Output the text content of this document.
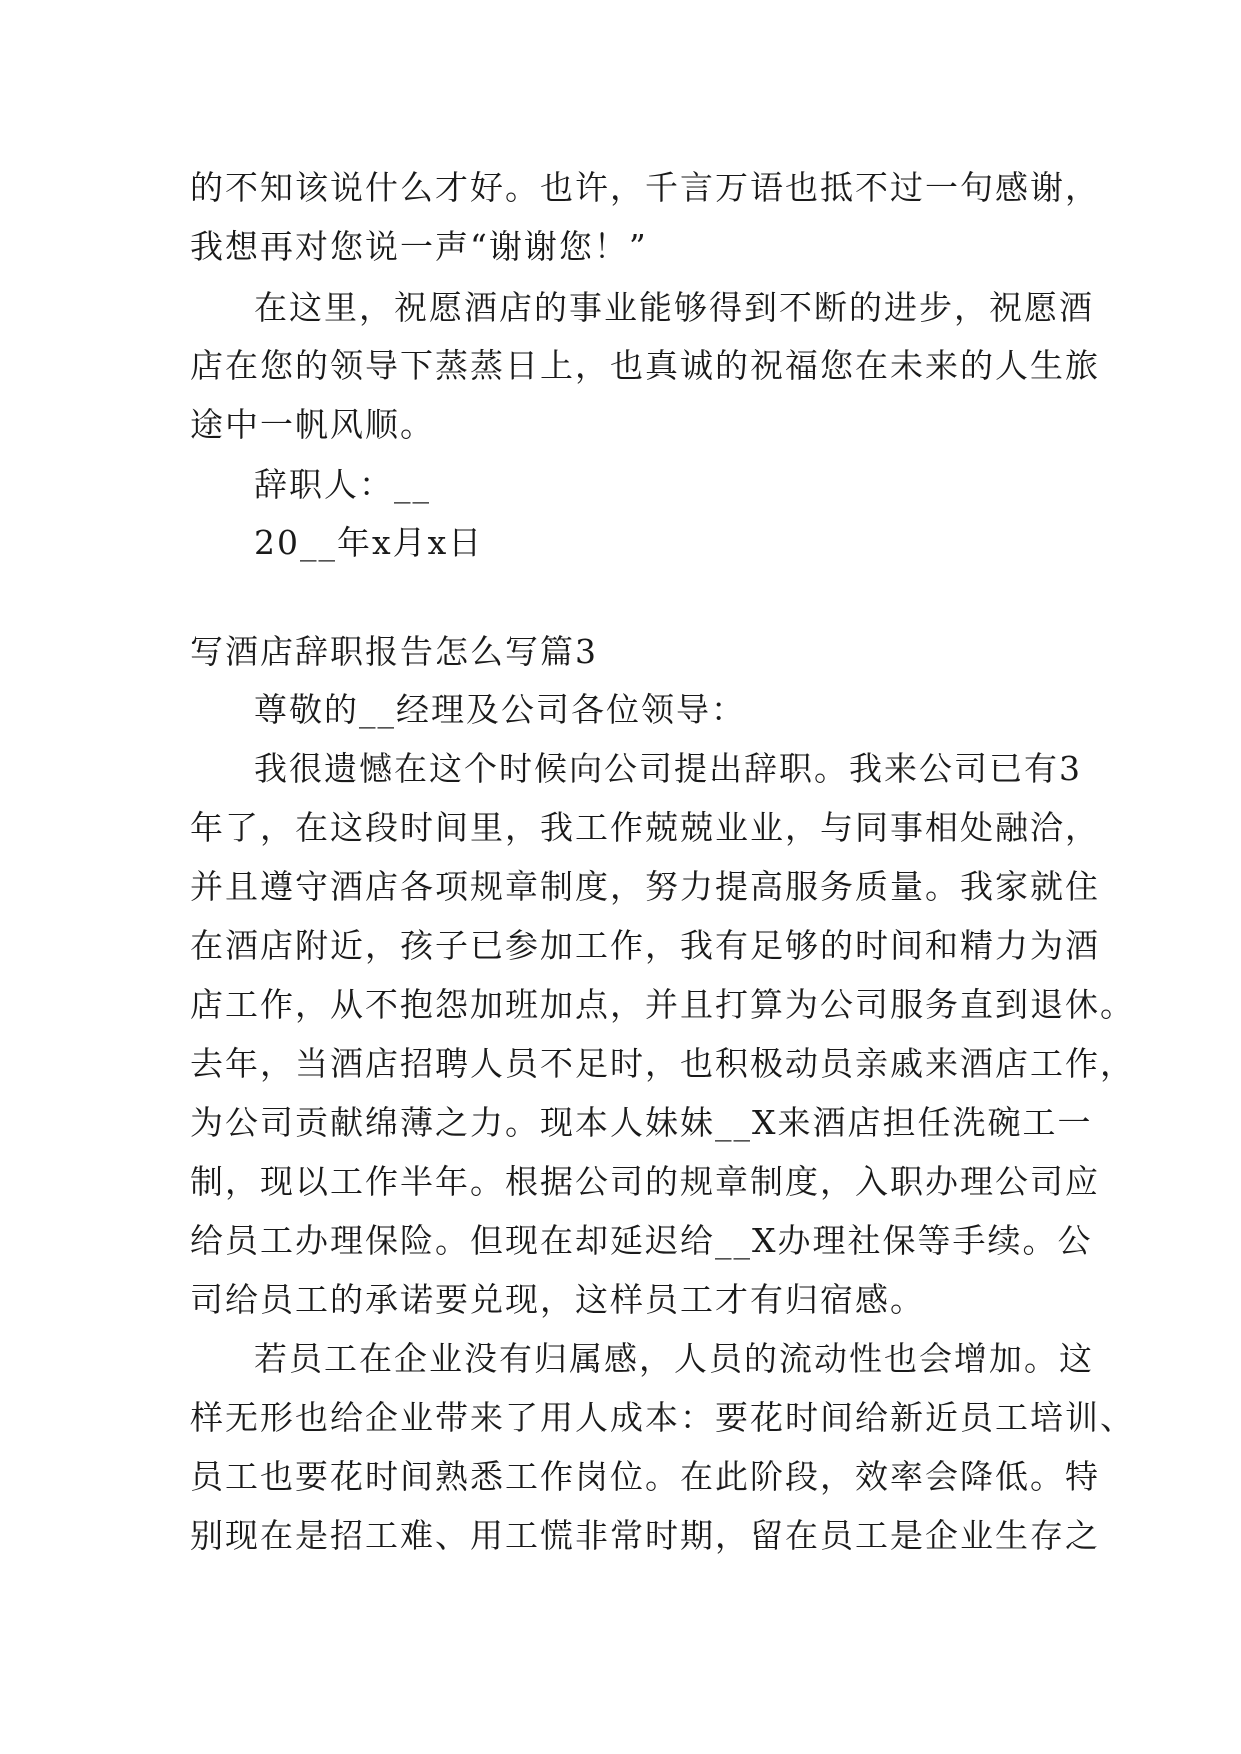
的不知该说什么才好。也许，千言万语也抵不过一句感谢，
我想再对您说一声“谢谢您！”
在这里，祝愿酒店的事业能够得到不断的进步，祝愿酒
店在您的领导下蒸蒸日上，也真诚的祝福您在未来的人生旅
途中一帆风顺。
辞职人：__
20__年x月x日
写酒店辞职报告怎么写篇3
尊敬的__经理及公司各位领导：
我很遗憾在这个时候向公司提出辞职。我来公司已有3
年了，在这段时间里，我工作兢兢业业，与同事相处融洽，
并且遵守酒店各项规章制度，努力提高服务质量。我家就住
在酒店附近，孩子已参加工作，我有足够的时间和精力为酒
店工作，从不抱怨加班加点，并且打算为公司服务直到退休。
去年，当酒店招聘人员不足时，也积极动员亲戚来酒店工作，
为公司贡献绵薄之力。现本人妹妹__X来酒店担任洗碗工一
制，现以工作半年。根据公司的规章制度，入职办理公司应
给员工办理保险。但现在却延迟给__X办理社保等手续。公
司给员工的承诺要兑现，这样员工才有归宿感。
若员工在企业没有归属感，人员的流动性也会增加。这
样无形也给企业带来了用人成本：要花时间给新近员工培训、
员工也要花时间熟悉工作岗位。在此阶段，效率会降低。特
别现在是招工难、用工慌非常时期，留在员工是企业生存之
